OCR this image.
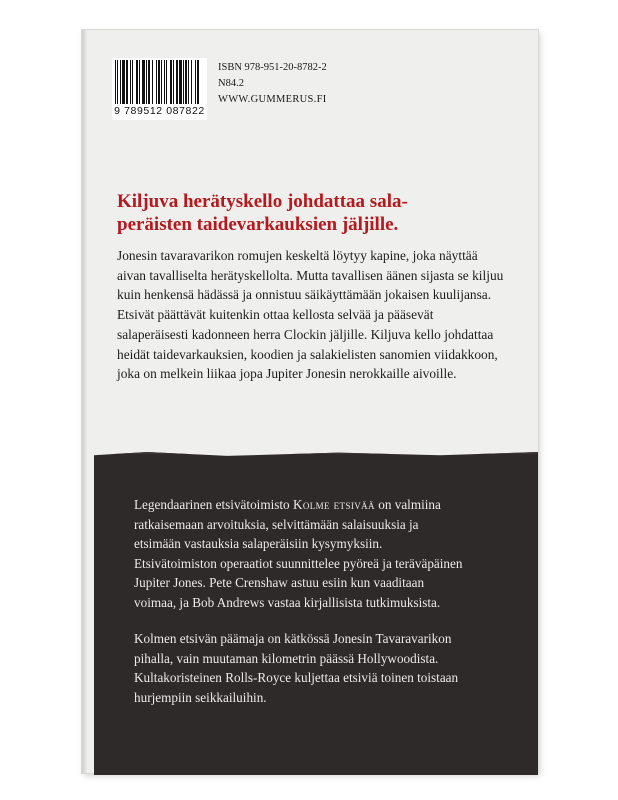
9 789512 087822
ISBN 978-951-20-8782-2
N84.2
WWW.GUMMERUS.FI
Kiljuva herätyskello johdattaa sala-
peräisten taidevarkauksien jäljille.

Jonesin tavaravarikon romujen keskeltä löytyy kapine, joka näyttää aivan tavalliselta herätyskellolta. Mutta tavallisen äänen sijasta se kiljuu kuin henkensä hädässä ja onnistuu säikäyttämään jokaisen kuulijansa. Etsivät päättävät kuitenkin ottaa kellosta selvää ja pääsevät salaperäisesti kadonneen herra Clockin jäljille. Kiljuva kello johdattaa heidät taidevarkauksien, koodien ja salakielisten sanomien viidakkoon, joka on melkein liikaa jopa Jupiter Jonesin nerokkaille aivoille.

Legendaarinen etsivätoimisto Kolme etsivää on valmiina ratkaisemaan arvoituksia, selvittämään salaisuuksia ja etsimään vastauksia salaperäisiin kysymyksiin. Etsivätoimiston operaatiot suunnittelee pyöreä ja teräväpäinen Jupiter Jones. Pete Crenshaw astuu esiin kun vaaditaan voimaa, ja Bob Andrews vastaa kirjallisista tutkimuksista.

Kolmen etsivän päämaja on kätkössä Jonesin Tavaravarikon pihalla, vain muutaman kilometrin päässä Hollywoodista. Kultakoristeinen Rolls-Royce kuljettaa etsiviä toinen toistaan hurjempiin seikkailuihin.
